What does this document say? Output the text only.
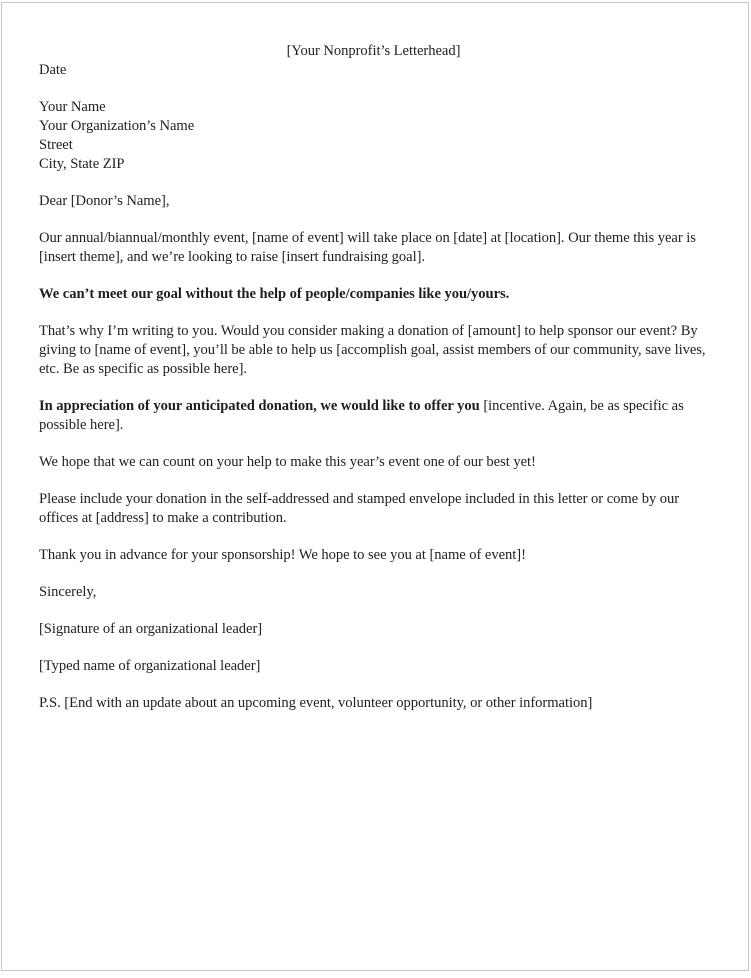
[Your Nonprofit’s Letterhead]

Date

Your Name
Your Organization’s Name
Street
City, State ZIP

Dear [Donor’s Name],

Our annual/biannual/monthly event, [name of event] will take place on [date] at [location]. Our theme this year is [insert theme], and we’re looking to raise [insert fundraising goal].

We can’t meet our goal without the help of people/companies like you/yours.

That’s why I’m writing to you. Would you consider making a donation of [amount] to help sponsor our event? By giving to [name of event], you’ll be able to help us [accomplish goal, assist members of our community, save lives, etc. Be as specific as possible here].

In appreciation of your anticipated donation, we would like to offer you [incentive. Again, be as specific as possible here].

We hope that we can count on your help to make this year’s event one of our best yet!

Please include your donation in the self-addressed and stamped envelope included in this letter or come by our offices at [address] to make a contribution.

Thank you in advance for your sponsorship! We hope to see you at [name of event]!

Sincerely,

[Signature of an organizational leader]

[Typed name of organizational leader]

P.S. [End with an update about an upcoming event, volunteer opportunity, or other information]
